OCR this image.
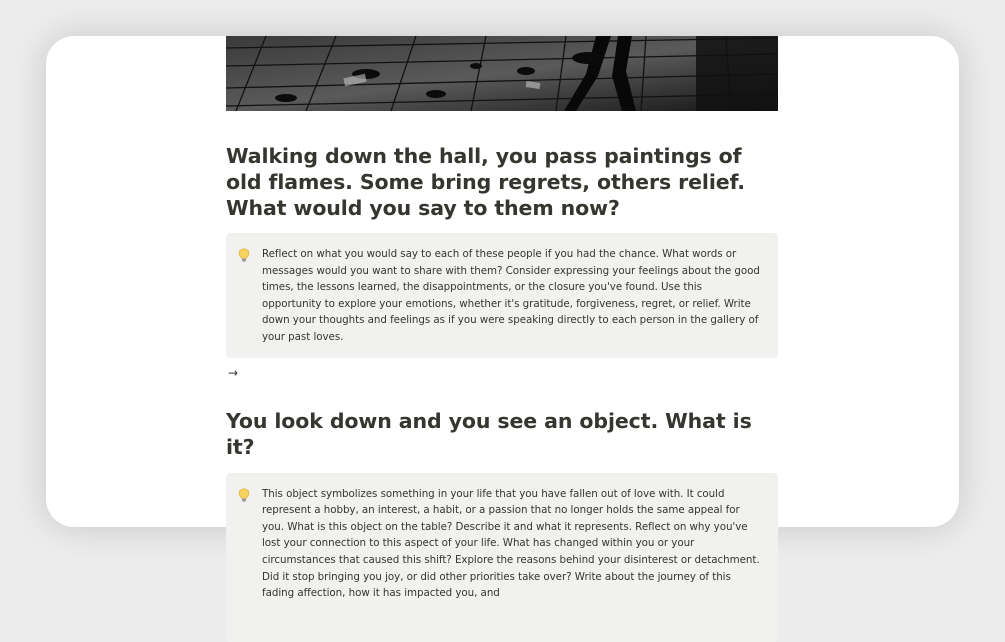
Walking down the hall, you pass paintings of old flames. Some bring regrets, others relief. What would you say to them now?
Reflect on what you would say to each of these people if you had the chance. What words or messages would you want to share with them? Consider expressing your feelings about the good times, the lessons learned, the disappointments, or the closure you've found. Use this opportunity to explore your emotions, whether it's gratitude, forgiveness, regret, or relief. Write down your thoughts and feelings as if you were speaking directly to each person in the gallery of your past loves.
→
You look down and you see an object. What is it?
This object symbolizes something in your life that you have fallen out of love with. It could represent a hobby, an interest, a habit, or a passion that no longer holds the same appeal for you. What is this object on the table? Describe it and what it represents. Reflect on why you've lost your connection to this aspect of your life. What has changed within you or your circumstances that caused this shift? Explore the reasons behind your disinterest or detachment. Did it stop bringing you joy, or did other priorities take over? Write about the journey of this fading affection, how it has impacted you, and
